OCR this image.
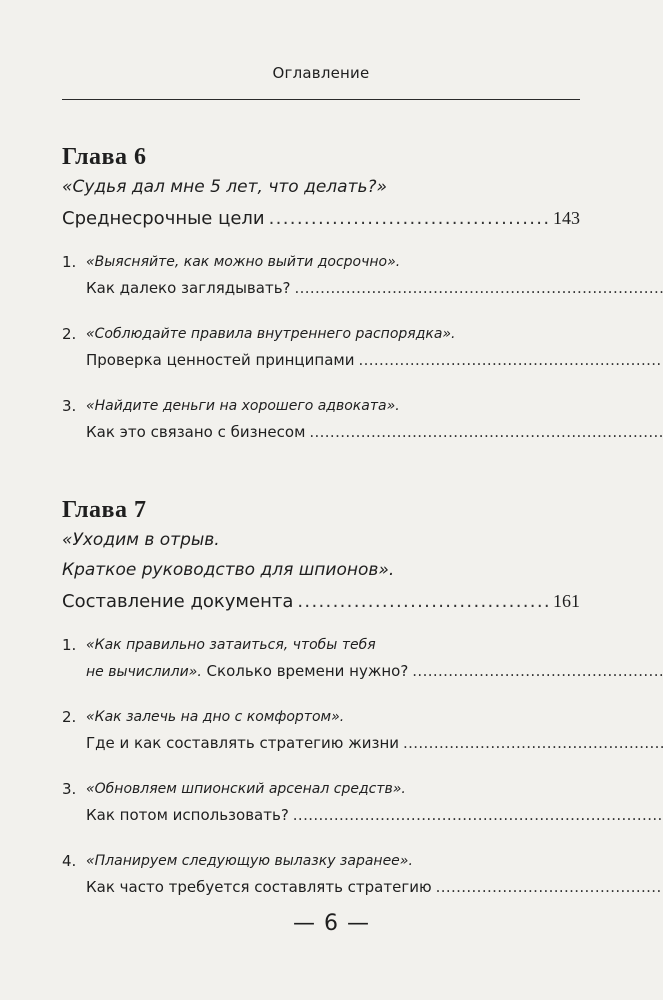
Оглавление
Глава 6
«Судья дал мне 5 лет, что делать?»
Среднесрочные цели . . .	143
1. «Выясняйте, как можно выйти досрочно».
Как далеко заглядывать?
. . .
2. «Соблюдайте правила внутреннего распорядка».
Проверка ценностей принципами
. . .
3. «Найдите деньги на хорошего адвоката».
Как это связано с бизнесом
. . .
Глава 7
«Уходим в отрыв.
Краткое руководство для шпионов».
Составление документа . . .	161
1. «Как правильно затаиться, чтобы тебя
не вычислили». Сколько времени нужно?
. . .
2. «Как залечь на дно с комфортом».
Где и как составлять стратегию жизни
. . .
3. «Обновляем шпионский арсенал средств».
Как потом использовать?
. . .
4. «Планируем следующую вылазку заранее».
Как часто требуется составлять стратегию
. . .
— 6 —
